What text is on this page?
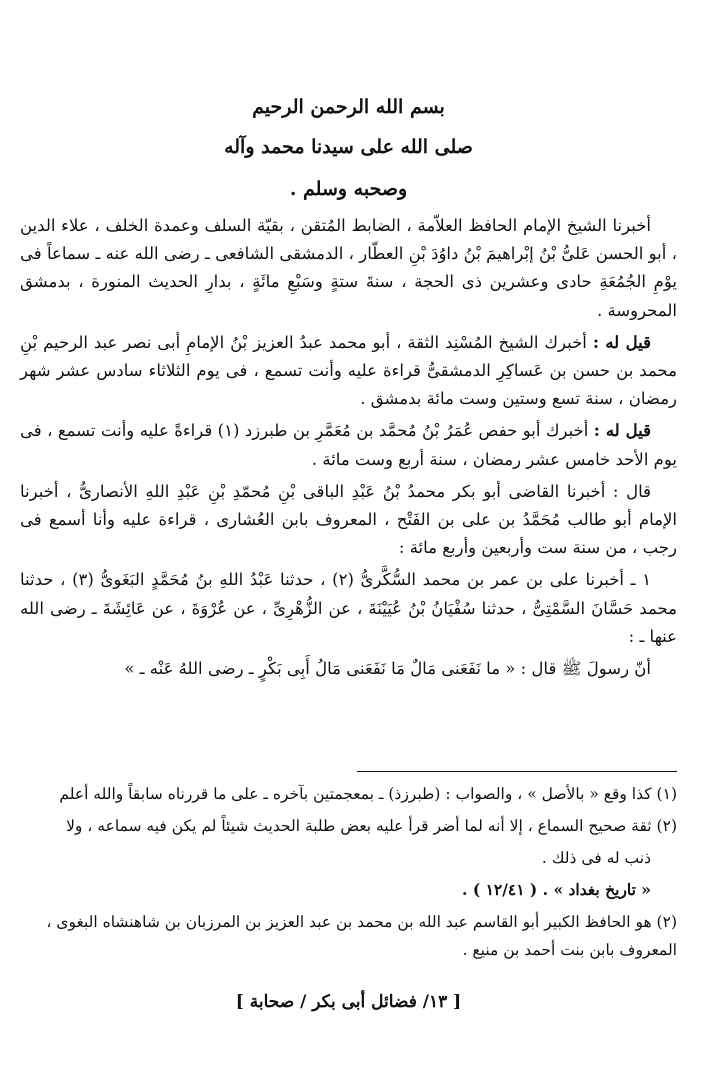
بسم الله الرحمن الرحيم
صلى الله على سيدنا محمد وآله
وصحبه وسلم .

أخبرنا الشيخ الإمام الحافظ العلاّمة ، الضابط المُتقن ، بقيّة السلف وعمدة الخلف ، علاء الدين ، أبو الحسن عَلىُّ بْنُ إبْراهيمَ بْنُ داوُدَ بْنِ العطّار ، الدمشقى الشافعى ـ رضى الله عنه ـ سماعاً فى يوْمِ الجُمُعَةِ حادى وعشرين ذى الحجة ، سنةَ ستةٍ وسَبْعِ مائَةٍ ، بدارِ الحديث المنورة ، بدمشق المحروسة .

قيل له : أخبرك الشيخ المُسْنِد الثقة ، أبو محمد عبدُ العزيز بْنُ الإمامِ أبى نصر عبد الرحيم بْنِ محمد بن حسن بن عَساكِرِ الدمشقىُّ قراءة عليه وأنت تسمع ، فى يوم الثلاثاء سادس عشر شهر رمضان ، سنة تسع وستين وست مائة بدمشق .

قيل له : أخبرك أبو حفص عُمَرُ بْنُ مُحمَّد بن مُعَمَّرِ بن طبرزد (١) قراءةً عليه وأنت تسمع ، فى يوم الأحد خامس عشر رمضان ، سنة أربع وست مائة .

قال : أخبرنا القاضى أبو بكر محمدُ بْنُ عَبْدِ الباقى بْنِ مُحمّدِ بْنِ عَبْدِ اللهِ الأنصارىُّ ، أخبرنا الإمام أبو طالب مُحَمَّدُ بن على بن الفَتْح ، المعروف بابن العُشارى ، قراءة عليه وأنا أسمع فى رجب ، من سنة ست وأربعين وأربع مائة :

١ ـ أخبرنا على بن عمر بن محمد السُّكَّرىُّ (٢) ، حدثنا عَبْدُ اللهِ بنُ مُحَمَّدٍ البَغَوىُّ (٣) ، حدثنا محمد حَسَّانَ السَّمْتِىُّ ، حدثنا سُفْيَانُ بْنُ عُيَيْنَةَ ، عن الزُّهْرِىِّ ، عن عُرْوَةَ ، عن عَائِشَةَ ـ رضى الله عنها ـ :

أنّ رسولَ ﷺ قال : « ما نَفَعَنى مَالٌ مَا نَفَعَنى مَالُ أَبِى بَكْرٍ ـ رضى اللهُ عَنْه ـ »

(١) كذا وقع « بالأصل » ، والصواب : (طبرزذ) ـ بمعجمتين بآخره ـ على ما قررناه سابقاً والله أعلم

(٢) ثقة صحيح السماع ، إلا أنه لما أضر قرأ عليه بعض طلبة الحديث شيئاً لم يكن فيه سماعه ، ولا

ذنب له فى ذلك .

« تاريخ بغداد » . ( ١٢/٤١ ) .

(٢) هو الحافظ الكبير أبو القاسم عبد الله بن محمد بن عبد العزيز بن المرزبان بن شاهنشاه البغوى ، المعروف بابن بنت أحمد بن منيع .

[ ١٣/ فضائل أبى بكر / صحابة ]
